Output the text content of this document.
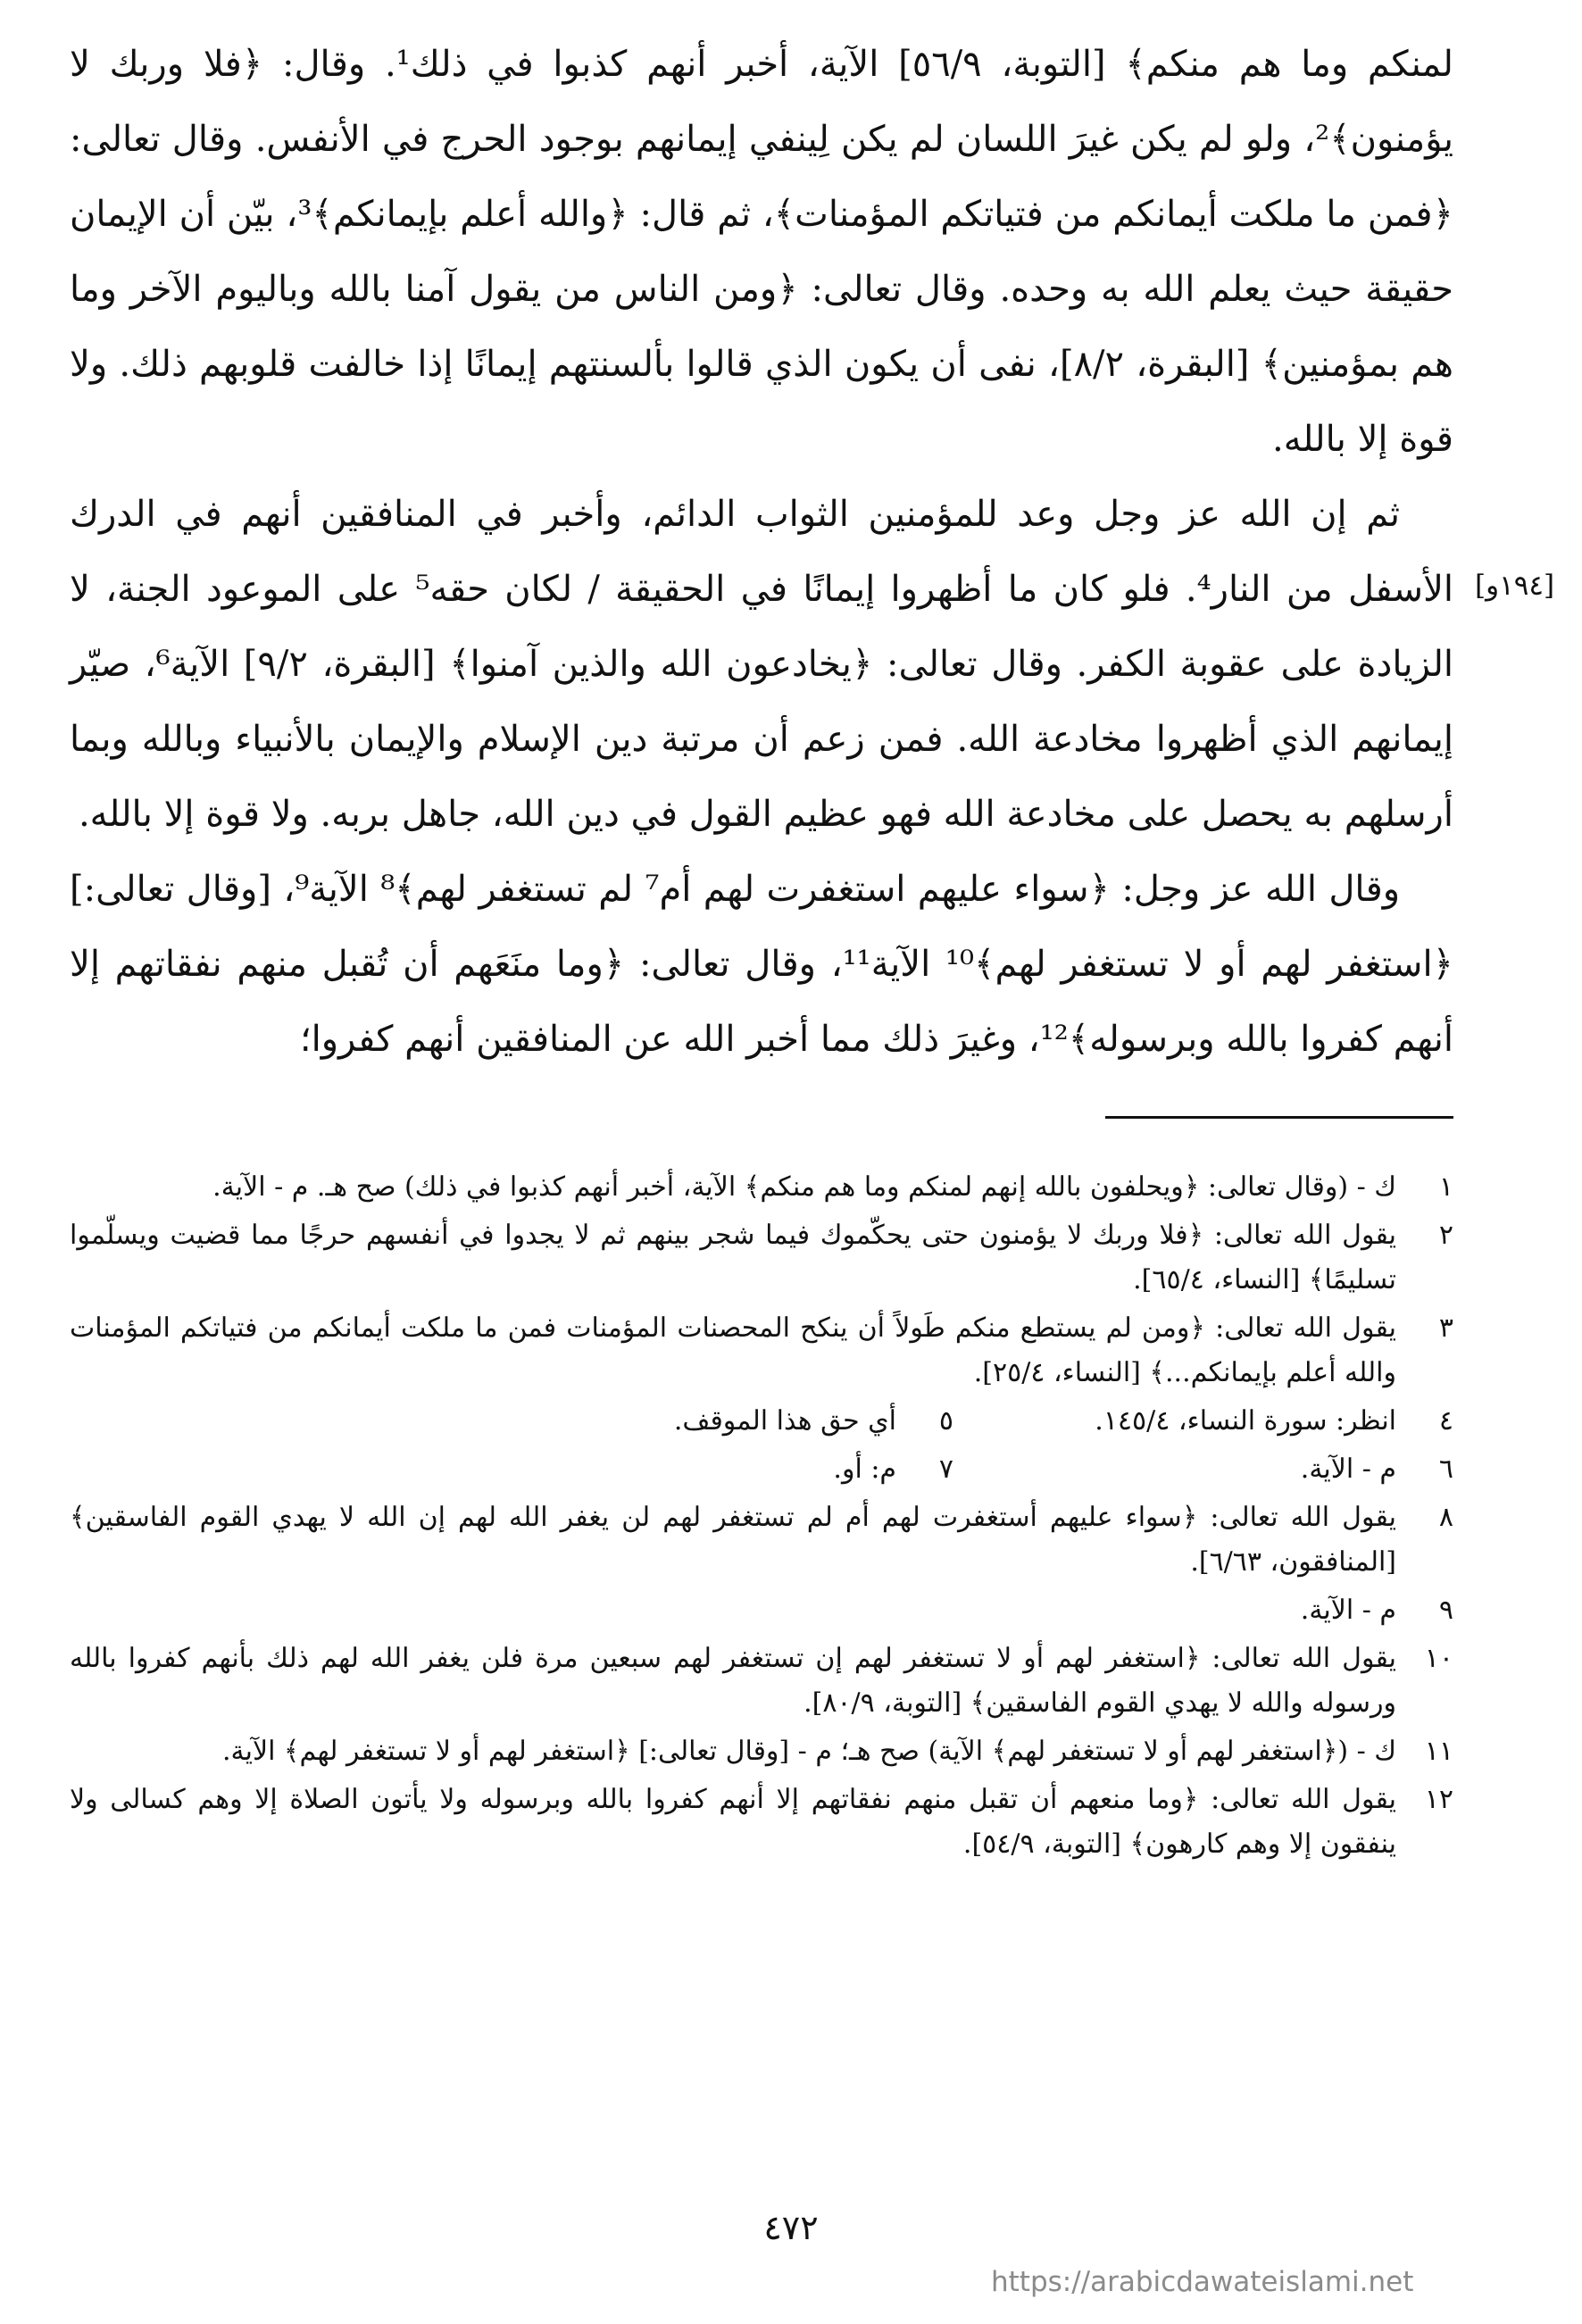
لمنكم وما هم منكم﴾ [التوبة، ٥٦/٩] الآية، أخبر أنهم كذبوا في ذلك¹. وقال: ﴿فلا وربك لا يؤمنون﴾²، ولو لم يكن غيرَ اللسان لم يكن لِينفي إيمانهم بوجود الحرج في الأنفس. وقال تعالى: ﴿فمن ما ملكت أيمانكم من فتياتكم المؤمنات﴾، ثم قال: ﴿والله أعلم بإيمانكم﴾³، بيّن أن الإيمان حقيقة حيث يعلم الله به وحده. وقال تعالى: ﴿ومن الناس من يقول آمنا بالله وباليوم الآخر وما هم بمؤمنين﴾ [البقرة، ٨/٢]، نفى أن يكون الذي قالوا بألسنتهم إيمانًا إذا خالفت قلوبهم ذلك. ولا قوة إلا بالله.

ثم إن الله عز وجل وعد للمؤمنين الثواب الدائم، وأخبر في المنافقين أنهم في الدرك الأسفل من النار⁴. فلو كان ما أظهروا إيمانًا في الحقيقة / لكان حقه⁵ على الموعود الجنة، لا الزيادة على عقوبة الكفر. وقال تعالى: ﴿يخادعون الله والذين آمنوا﴾ [البقرة، ٩/٢] الآية⁶، صيّر إيمانهم الذي أظهروا مخادعة الله. فمن زعم أن مرتبة دين الإسلام والإيمان بالأنبياء وبالله وبما أرسلهم به يحصل على مخادعة الله فهو عظيم القول في دين الله، جاهل بربه. ولا قوة إلا بالله.

وقال الله عز وجل: ﴿سواء عليهم استغفرت لهم أم⁷ لم تستغفر لهم﴾⁸ الآية⁹، [وقال تعالى:] ﴿استغفر لهم أو لا تستغفر لهم﴾¹⁰ الآية¹¹، وقال تعالى: ﴿وما منَعَهم أن تُقبل منهم نفقاتهم إلا أنهم كفروا بالله وبرسوله﴾¹²، وغيرَ ذلك مما أخبر الله عن المنافقين أنهم كفروا؛

[١٩٤و]
١
ك - (وقال تعالى: ﴿ويحلفون بالله إنهم لمنكم وما هم منكم﴾ الآية، أخبر أنهم كذبوا في ذلك) صح هـ. م - الآية.
٢
يقول الله تعالى: ﴿فلا وربك لا يؤمنون حتى يحكّموك فيما شجر بينهم ثم لا يجدوا في أنفسهم حرجًا مما قضيت ويسلّموا تسليمًا﴾ [النساء، ٦٥/٤].
٣
يقول الله تعالى: ﴿ومن لم يستطع منكم طَولاً أن ينكح المحصنات المؤمنات فمن ما ملكت أيمانكم من فتياتكم المؤمنات والله أعلم بإيمانكم...﴾ [النساء، ٢٥/٤].
٤
انظر: سورة النساء، ١٤٥/٤.
٥
أي حق هذا الموقف.
٦
م - الآية.
٧
م: أو.
٨
يقول الله تعالى: ﴿سواء عليهم أستغفرت لهم أم لم تستغفر لهم لن يغفر الله لهم إن الله لا يهدي القوم الفاسقين﴾ [المنافقون، ٦/٦٣].
٩
م - الآية.
١٠
يقول الله تعالى: ﴿استغفر لهم أو لا تستغفر لهم إن تستغفر لهم سبعين مرة فلن يغفر الله لهم ذلك بأنهم كفروا بالله ورسوله والله لا يهدي القوم الفاسقين﴾ [التوبة، ٨٠/٩].
١١
ك - (﴿استغفر لهم أو لا تستغفر لهم﴾ الآية) صح هـ؛ م - [وقال تعالى:] ﴿استغفر لهم أو لا تستغفر لهم﴾ الآية.
١٢
يقول الله تعالى: ﴿وما منعهم أن تقبل منهم نفقاتهم إلا أنهم كفروا بالله وبرسوله ولا يأتون الصلاة إلا وهم كسالى ولا ينفقون إلا وهم كارهون﴾ [التوبة، ٥٤/٩].
٤٧٢
https://arabicdawateislami.net
